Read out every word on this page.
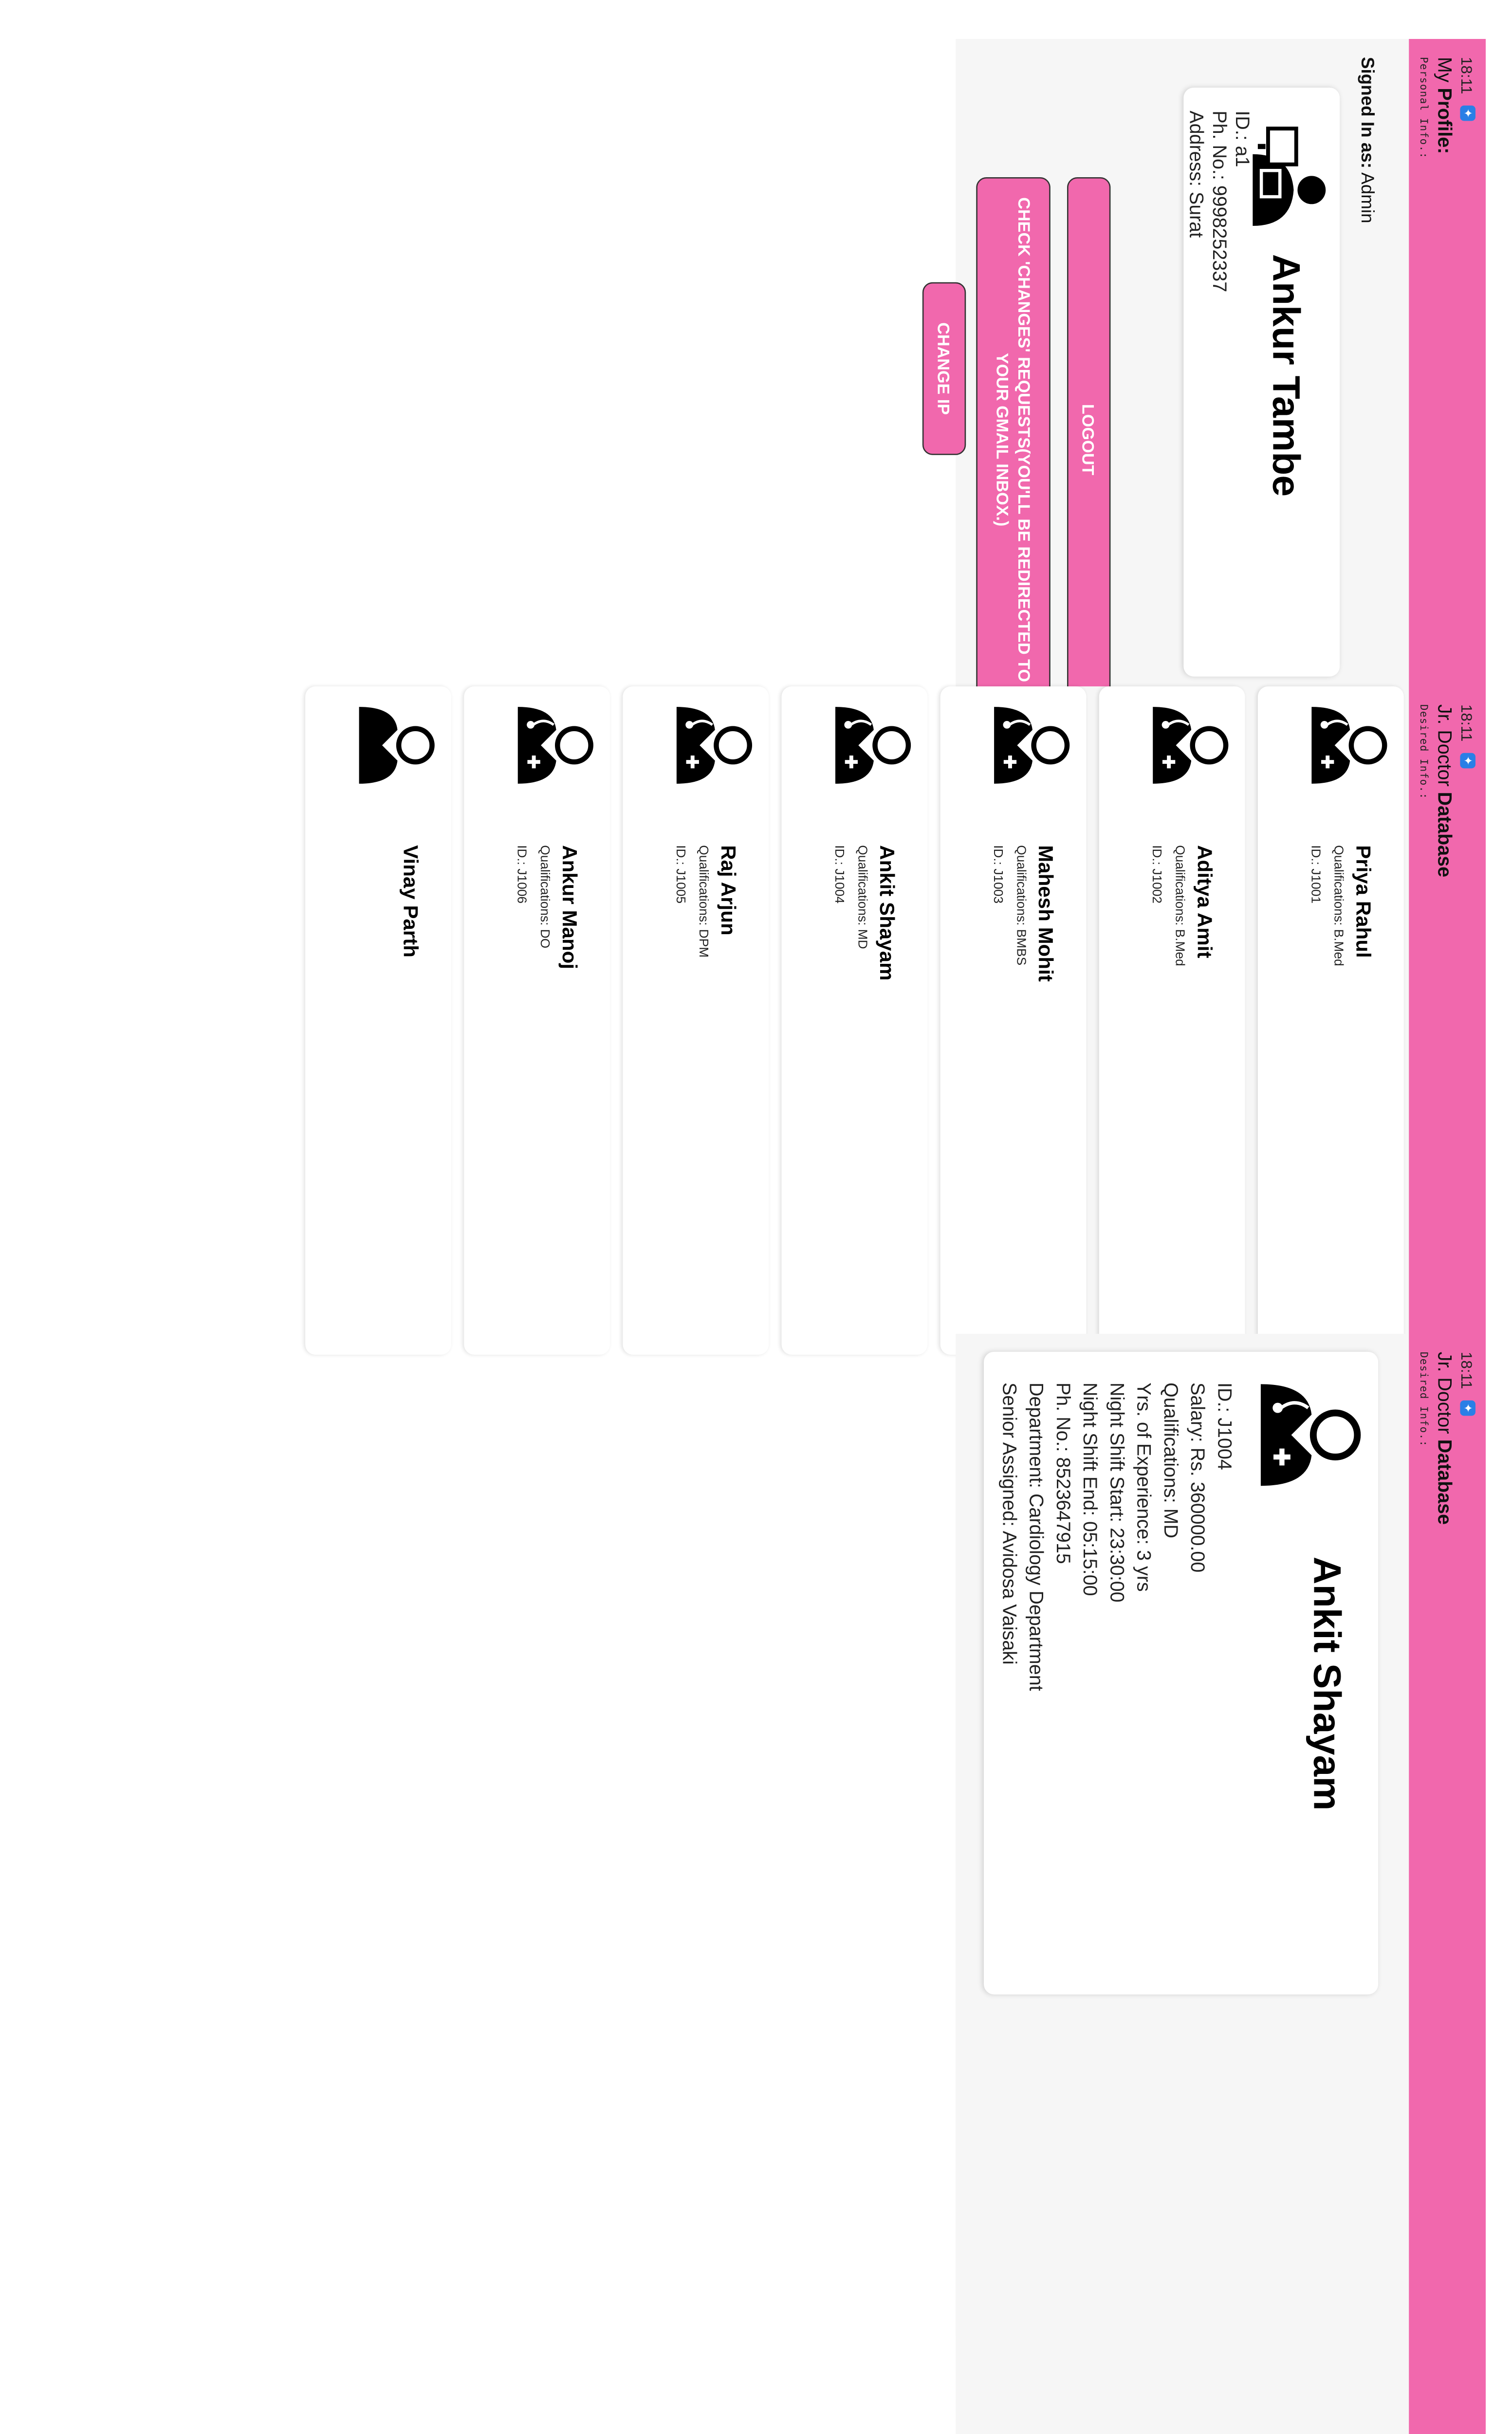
18:11
✦
My Profile:
Personal Info.:
Signed In as: Admin
Ankur Tambe
ID.: a1
Ph. No.: 9998252337
Address: Surat
LOGOUT
CHECK 'CHANGES' REQUESTS(YOU'LL BE REDIRECTED TO YOUR GMAIL INBOX.)
CHANGE IP
18:11
✦
Jr. Doctor Database
Desired Info.:
Priya Rahul
Qualifications: B.Med
ID.: J1001
Aditya Amit
Qualifications: B.Med
ID.: J1002
Mahesh Mohit
Qualifications: BMBS
ID.: J1003
Ankit Shayam
Qualifications: MD
ID.: J1004
Raj Arjun
Qualifications: DPM
ID.: J1005
Ankur Manoj
Qualifications: DO
ID.: J1006
Vinay Parth
18:11
✦
Jr. Doctor Database
Desired Info.:
Ankit Shayam
ID.: J1004
Salary: Rs. 360000.00
Qualifications: MD
Yrs. of Experience: 3 yrs
Night Shift Start: 23:30:00
Night Shift End: 05:15:00
Ph. No.: 8523647915
Department: Cardiology Department
Senior Assigned: Avidosa Vaisaki
